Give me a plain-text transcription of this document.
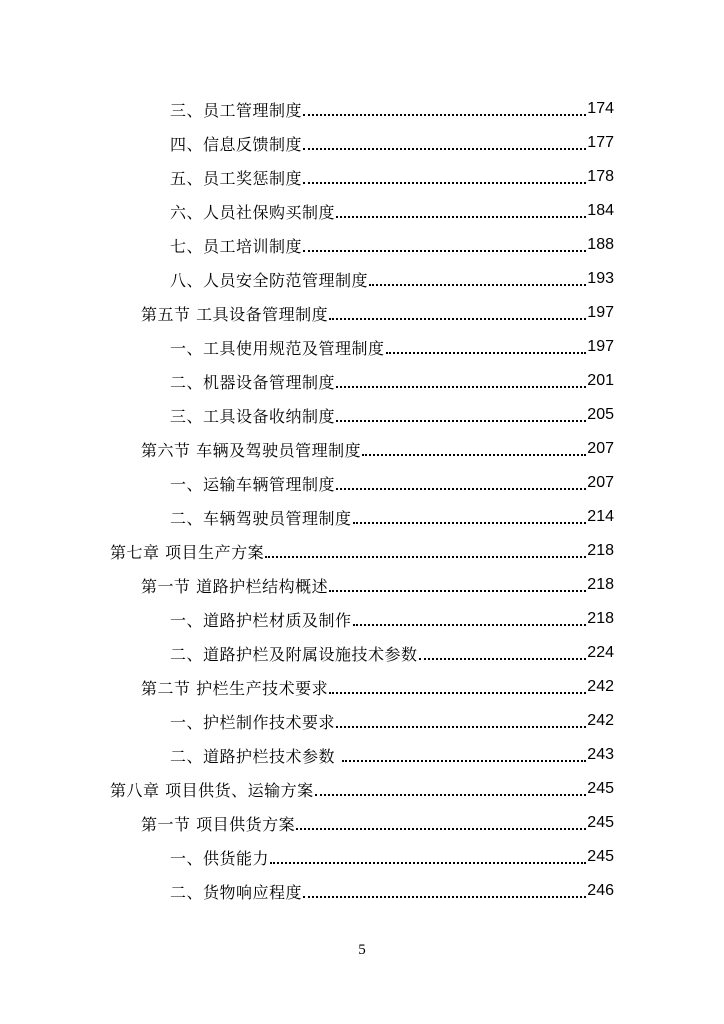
三、员工管理制度	174
四、信息反馈制度	177
五、员工奖惩制度	178
六、人员社保购买制度	184
七、员工培训制度	188
八、人员安全防范管理制度	193
第五节 工具设备管理制度	197
一、工具使用规范及管理制度	197
二、机器设备管理制度	201
三、工具设备收纳制度	205
第六节 车辆及驾驶员管理制度	207
一、运输车辆管理制度	207
二、车辆驾驶员管理制度	214
第七章 项目生产方案	218
第一节 道路护栏结构概述	218
一、道路护栏材质及制作	218
二、道路护栏及附属设施技术参数	224
第二节 护栏生产技术要求	242
一、护栏制作技术要求	242
二、道路护栏技术参数	243
第八章 项目供货、运输方案	245
第一节 项目供货方案	245
一、供货能力	245
二、货物响应程度	246
5
